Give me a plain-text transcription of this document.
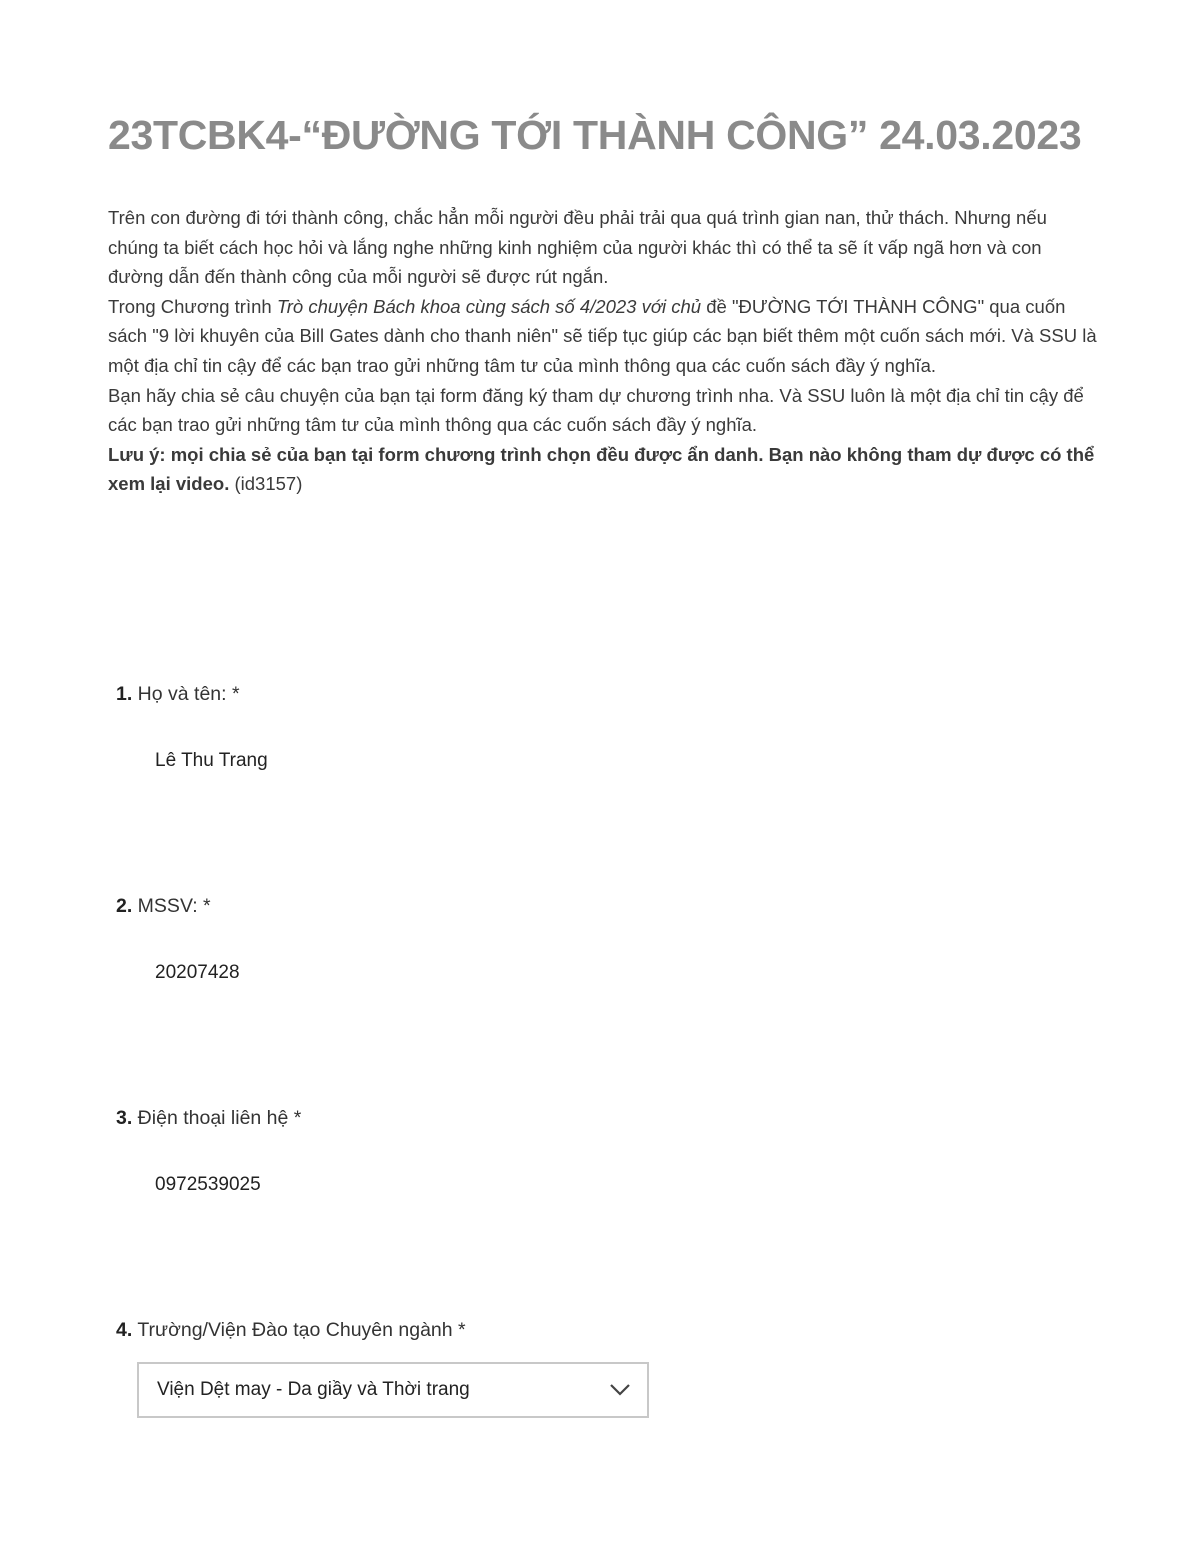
23TCBK4-“ĐƯỜNG TỚI THÀNH CÔNG” 24.03.2023

Trên con đường đi tới thành công, chắc hẳn mỗi người đều phải trải qua quá trình gian nan, thử thách. Nhưng nếu chúng ta biết cách học hỏi và lắng nghe những kinh nghiệm của người khác thì có thể ta sẽ ít vấp ngã hơn và con đường dẫn đến thành công của mỗi người sẽ được rút ngắn.

Trong Chương trình Trò chuyện Bách khoa cùng sách số 4/2023 với chủ đề "ĐƯỜNG TỚI THÀNH CÔNG" qua cuốn sách "9 lời khuyên của Bill Gates dành cho thanh niên" sẽ tiếp tục giúp các bạn biết thêm một cuốn sách mới. Và SSU là một địa chỉ tin cậy để các bạn trao gửi những tâm tư của mình thông qua các cuốn sách đầy ý nghĩa.

Bạn hãy chia sẻ câu chuyện của bạn tại form đăng ký tham dự chương trình nha. Và SSU luôn là một địa chỉ tin cậy để các bạn trao gửi những tâm tư của mình thông qua các cuốn sách đầy ý nghĩa.

Lưu ý: mọi chia sẻ của bạn tại form chương trình chọn đều được ẩn danh. Bạn nào không tham dự được có thể xem lại video. (id3157)

1. Họ và tên: *
Lê Thu Trang
2. MSSV: *
20207428
3. Điện thoại liên hệ *
0972539025
4. Trường/Viện Đào tạo Chuyên ngành *
Viện Dệt may - Da giầy và Thời trang
